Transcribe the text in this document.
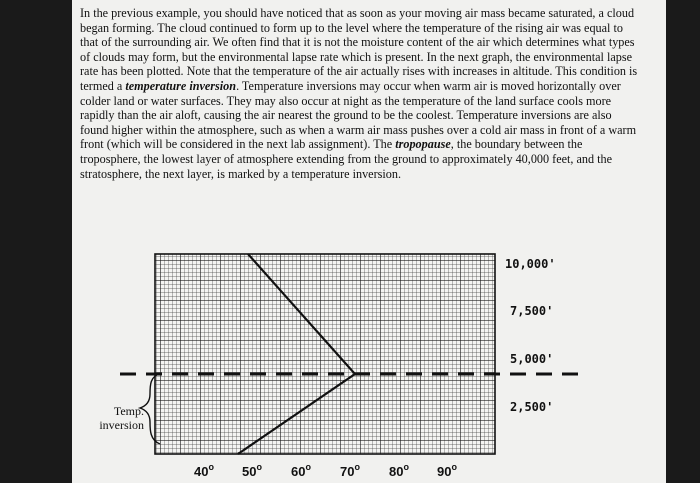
In the previous example, you should have noticed that as soon as your moving air mass became saturated, a cloud began forming. The cloud continued to form up to the level where the temperature of the rising air was equal to that of the surrounding air. We often find that it is not the moisture content of the air which determines what types of clouds may form, but the environmental lapse rate which is present. In the next graph, the environmental lapse rate has been plotted. Note that the temperature of the air actually rises with increases in altitude. This condition is termed a temperature inversion. Temperature inversions may occur when warm air is moved horizontally over colder land or water surfaces. They may also occur at night as the temperature of the land surface cools more rapidly than the air aloft, causing the air nearest the ground to be the coolest. Temperature inversions are also found higher within the atmosphere, such as when a warm air mass pushes over a cold air mass in front of a warm front (which will be considered in the next lab assignment). The tropopause, the boundary between the troposphere, the lowest layer of atmosphere extending from the ground to approximately 40,000 feet, and the stratosphere, the next layer, is marked by a temperature inversion.
10,000'
7,500'
5,000'
2,500'
Temp.
inversion
40$^o$ 50$^o$ 60$^o$ 70$^o$ 80$^o$ 90$^o$
